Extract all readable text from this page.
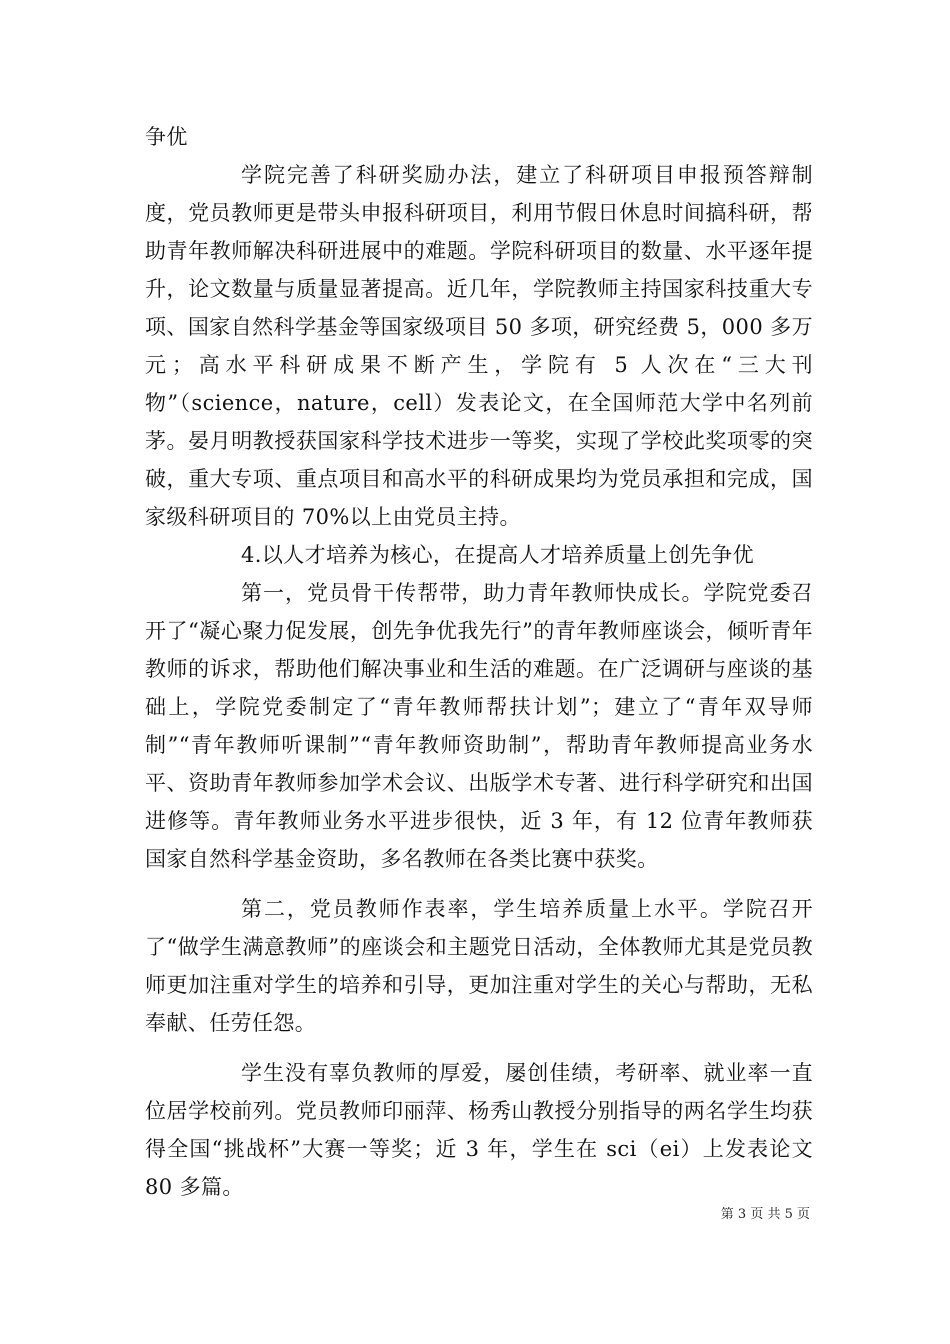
争优

学院完善了科研奖励办法，建立了科研项目申报预答辩制度，党员教师更是带头申报科研项目，利用节假日休息时间搞科研，帮助青年教师解决科研进展中的难题。学院科研项目的数量、水平逐年提升，论文数量与质量显著提高。近几年，学院教师主持国家科技重大专项、国家自然科学基金等国家级项目 50 多项，研究经费 5，000 多万元；高水平科研成果不断产生，学院有 5 人次在“三大刊物”（science，nature，cell）发表论文，在全国师范大学中名列前茅。晏月明教授获国家科学技术进步一等奖，实现了学校此奖项零的突破，重大专项、重点项目和高水平的科研成果均为党员承担和完成，国家级科研项目的 70%以上由党员主持。

4.以人才培养为核心，在提高人才培养质量上创先争优

第一，党员骨干传帮带，助力青年教师快成长。学院党委召开了“凝心聚力促发展，创先争优我先行”的青年教师座谈会，倾听青年教师的诉求，帮助他们解决事业和生活的难题。在广泛调研与座谈的基础上，学院党委制定了“青年教师帮扶计划”；建立了“青年双导师制”“青年教师听课制”“青年教师资助制”，帮助青年教师提高业务水平、资助青年教师参加学术会议、出版学术专著、进行科学研究和出国进修等。青年教师业务水平进步很快，近 3 年，有 12 位青年教师获国家自然科学基金资助，多名教师在各类比赛中获奖。

第二，党员教师作表率，学生培养质量上水平。学院召开了“做学生满意教师”的座谈会和主题党日活动，全体教师尤其是党员教师更加注重对学生的培养和引导，更加注重对学生的关心与帮助，无私奉献、任劳任怨。

学生没有辜负教师的厚爱，屡创佳绩，考研率、就业率一直位居学校前列。党员教师印丽萍、杨秀山教授分别指导的两名学生均获得全国“挑战杯”大赛一等奖；近 3 年，学生在 sci（ei）上发表论文 80 多篇。

第 3 页 共 5 页
